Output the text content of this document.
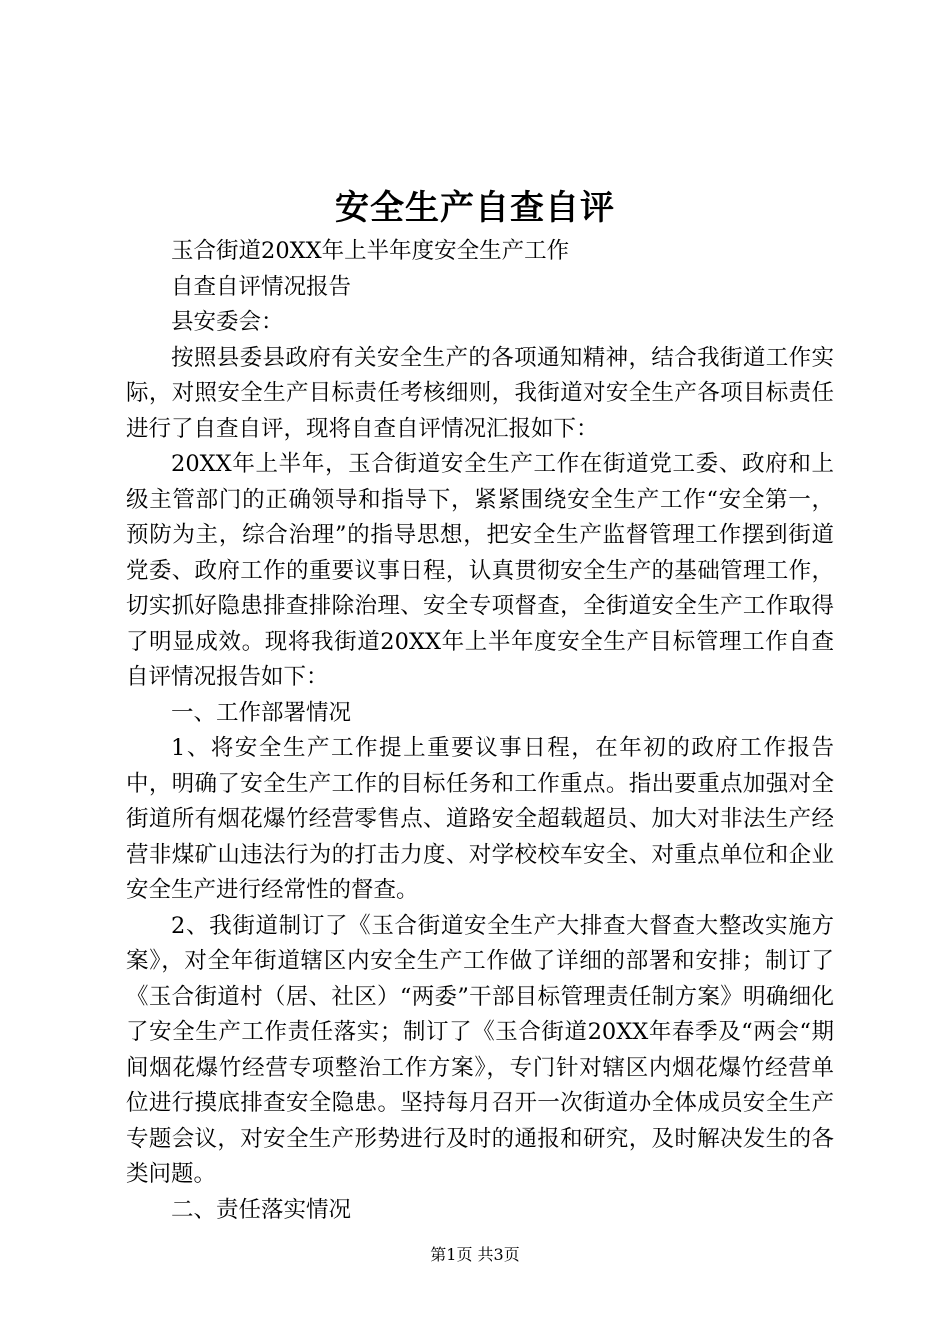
安全生产自查自评

玉合街道20XX年上半年度安全生产工作

自查自评情况报告

县安委会：

按照县委县政府有关安全生产的各项通知精神，结合我街道工作实际，对照安全生产目标责任考核细则，我街道对安全生产各项目标责任进行了自查自评，现将自查自评情况汇报如下：

20XX年上半年，玉合街道安全生产工作在街道党工委、政府和上级主管部门的正确领导和指导下，紧紧围绕安全生产工作“安全第一，预防为主，综合治理”的指导思想，把安全生产监督管理工作摆到街道党委、政府工作的重要议事日程，认真贯彻安全生产的基础管理工作，切实抓好隐患排查排除治理、安全专项督查，全街道安全生产工作取得了明显成效。现将我街道20XX年上半年度安全生产目标管理工作自查自评情况报告如下：

一、工作部署情况

1、将安全生产工作提上重要议事日程，在年初的政府工作报告中，明确了安全生产工作的目标任务和工作重点。指出要重点加强对全街道所有烟花爆竹经营零售点、道路安全超载超员、加大对非法生产经营非煤矿山违法行为的打击力度、对学校校车安全、对重点单位和企业安全生产进行经常性的督查。

2、我街道制订了《玉合街道安全生产大排查大督查大整改实施方案》，对全年街道辖区内安全生产工作做了详细的部署和安排；制订了《玉合街道村（居、社区）“两委”干部目标管理责任制方案》明确细化了安全生产工作责任落实；制订了《玉合街道20XX年春季及“两会“期间烟花爆竹经营专项整治工作方案》，专门针对辖区内烟花爆竹经营单位进行摸底排查安全隐患。坚持每月召开一次街道办全体成员安全生产专题会议，对安全生产形势进行及时的通报和研究，及时解决发生的各类问题。

二、责任落实情况

第1页 共3页
